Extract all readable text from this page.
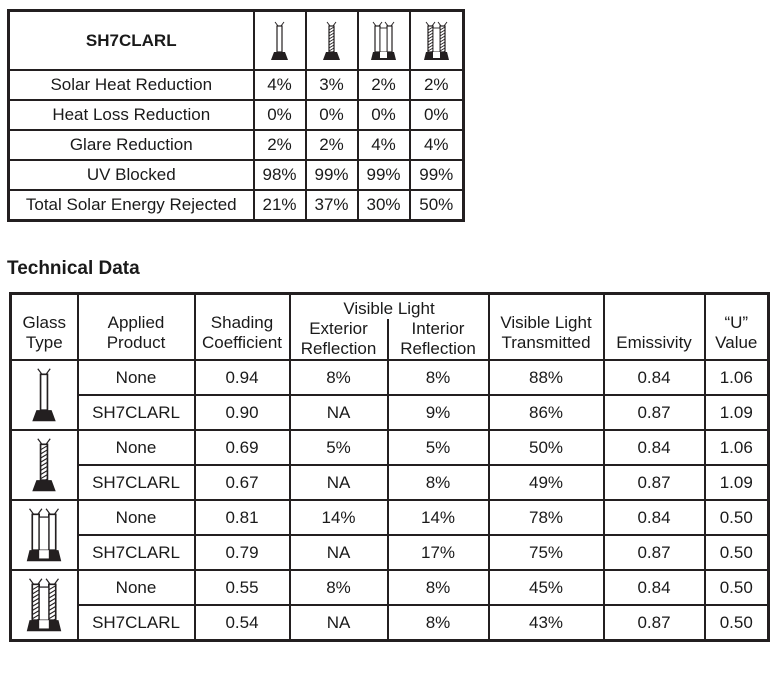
SH7CLARL	

Solar Heat Reduction	4%	3%	2%	2%
Heat Loss Reduction	0%	0%	0%	0%
Glare Reduction	2%	2%	4%	4%
UV Blocked	98%	99%	99%	99%
Total Solar Energy Rejected	21%	37%	30%	50%
Technical Data
Glass Type	Applied Product	Shading Coefficient	Visible Light		Visible Light Transmitted	Emissivity	“U” Value
			Exterior Reflection	Interior Reflection			

	None	0.94	8%	8%	88%	0.84	1.06
	SH7CLARL	0.90	NA	9%	86%	0.87	1.09

	None	0.69	5%	5%	50%	0.84	1.06
	SH7CLARL	0.67	NA	8%	49%	0.87	1.09

	None	0.81	14%	14%	78%	0.84	0.50
	SH7CLARL	0.79	NA	17%	75%	0.87	0.50

	None	0.55	8%	8%	45%	0.84	0.50
	SH7CLARL	0.54	NA	8%	43%	0.87	0.50
